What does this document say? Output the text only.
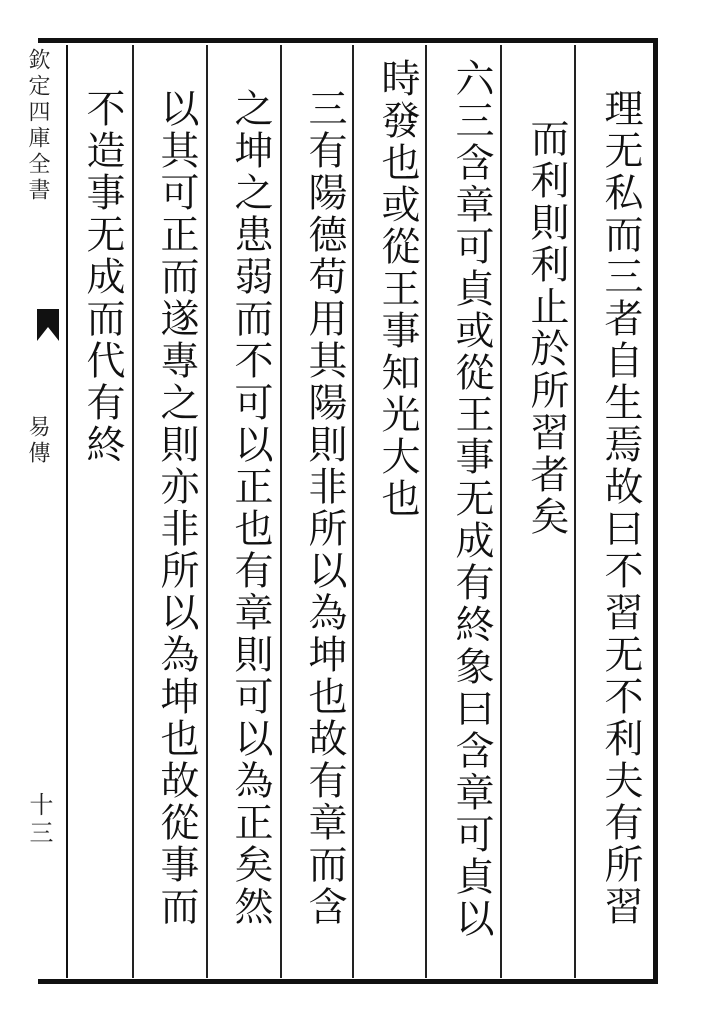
理无私而三者自生焉故曰不習无不利夫有所習
而利則利止於所習者矣
六三含章可貞或從王事无成有終象曰含章可貞以
時發也或從王事知光大也
三有陽德苟用其陽則非所以為坤也故有章而含
之坤之患弱而不可以正也有章則可以為正矣然
以其可正而遂專之則亦非所以為坤也故從事而
不造事无成而代有終
欽定四庫全書
易傳
十三
